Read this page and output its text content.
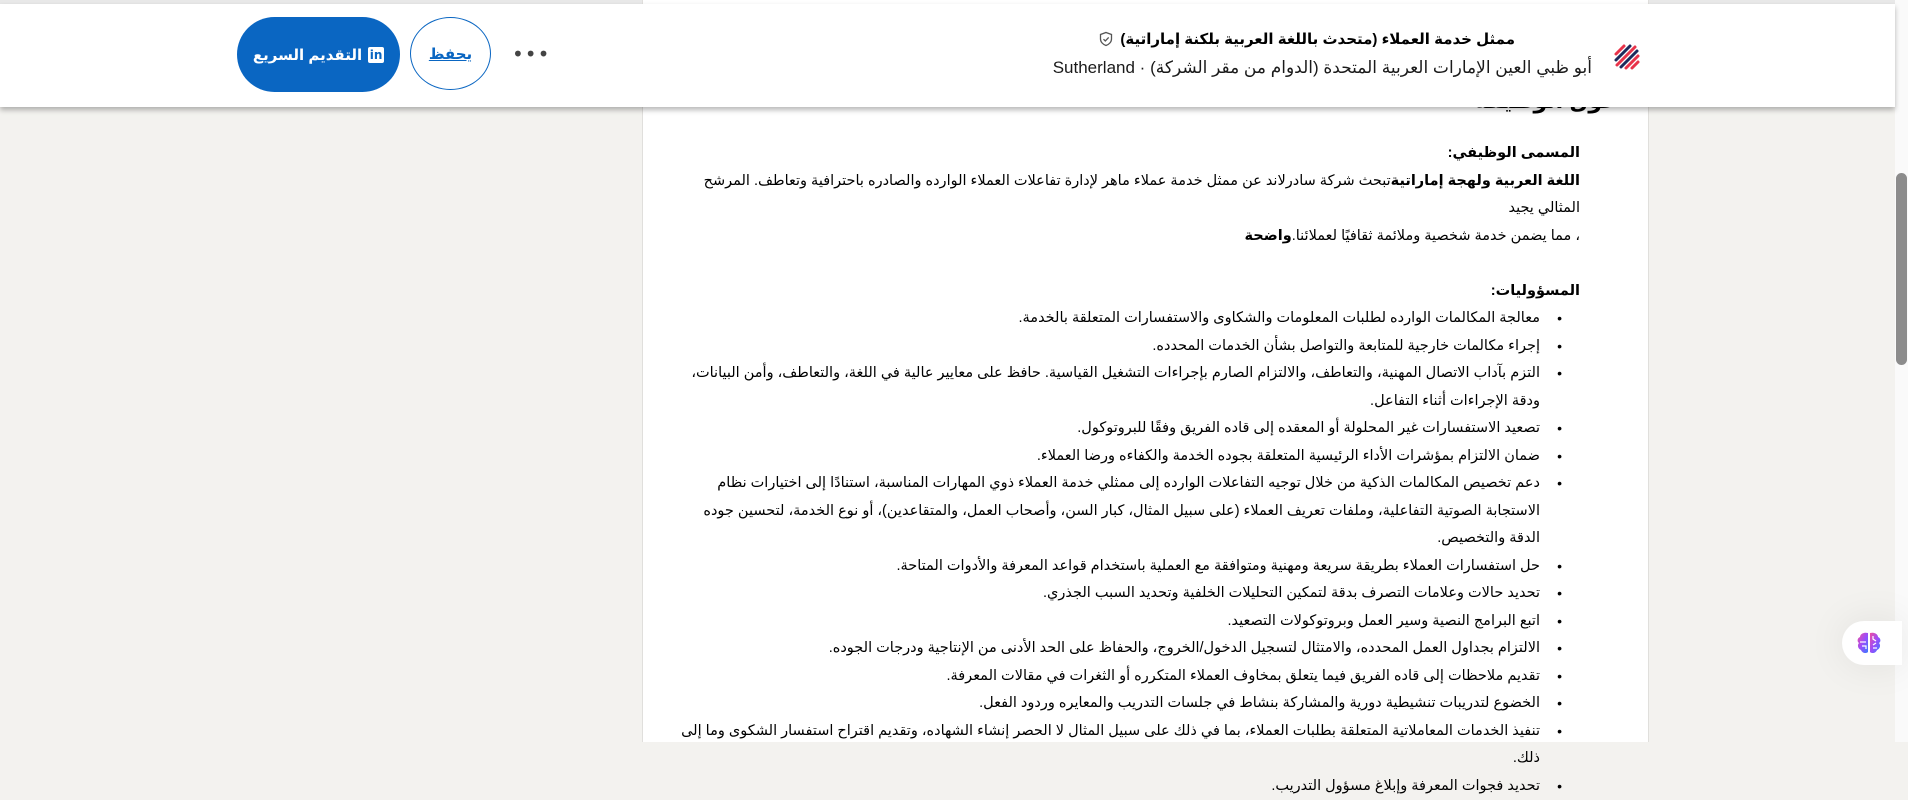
المسمى الوظيفي:

اللغة العربية ولهجة إماراتيةتبحث شركة سادرلاند عن ممثل خدمة عملاء ماهر لإدارة تفاعلات العملاء الوارده والصادره باحترافية وتعاطف. المرشح المثالي يجيد

، مما يضمن خدمة شخصية وملائمة ثقافيًا لعملائنا.واضحة

المسؤوليات:

•
معالجة المكالمات الوارده لطلبات المعلومات والشكاوى والاستفسارات المتعلقة بالخدمة.
•
إجراء مكالمات خارجية للمتابعة والتواصل بشأن الخدمات المحدده.
•
التزم بآداب الاتصال المهنية، والتعاطف، والالتزام الصارم بإجراءات التشغيل القياسية. حافظ على معايير عالية في اللغة، والتعاطف، وأمن البيانات، ودقة الإجراءات أثناء التفاعل.
•
تصعيد الاستفسارات غير المحلولة أو المعقده إلى قاده الفريق وفقًا للبروتوكول.
•
ضمان الالتزام بمؤشرات الأداء الرئيسية المتعلقة بجوده الخدمة والكفاءه ورضا العملاء.
•
دعم تخصيص المكالمات الذكية من خلال توجيه التفاعلات الوارده إلى ممثلي خدمة العملاء ذوي المهارات المناسبة، استنادًا إلى اختيارات نظام الاستجابة الصوتية التفاعلية، وملفات تعريف العملاء (على سبيل المثال، كبار السن، وأصحاب العمل، والمتقاعدين)، أو نوع الخدمة، لتحسين جوده الدقة والتخصيص.
•
حل استفسارات العملاء بطريقة سريعة ومهنية ومتوافقة مع العملية باستخدام قواعد المعرفة والأدوات المتاحة.
•
تحديد حالات وعلامات التصرف بدقة لتمكين التحليلات الخلفية وتحديد السبب الجذري.
•
اتبع البرامج النصية وسير العمل وبروتوكولات التصعيد.
•
الالتزام بجداول العمل المحدده، والامتثال لتسجيل الدخول/الخروج، والحفاظ على الحد الأدنى من الإنتاجية ودرجات الجوده.
•
تقديم ملاحظات إلى قاده الفريق فيما يتعلق بمخاوف العملاء المتكرره أو الثغرات في مقالات المعرفة.
•
الخضوع لتدريبات تنشيطية دورية والمشاركة بنشاط في جلسات التدريب والمعايره وردود الفعل.
•
تنفيذ الخدمات المعاملاتية المتعلقة بطلبات العملاء، بما في ذلك على سبيل المثال لا الحصر إنشاء الشهاده، وتقديم اقتراح استفسار الشكوى وما إلى ذلك.
•
تحديد فجوات المعرفة وإبلاغ مسؤول التدريب.
ممثل خدمة العملاء (متحدث باللغة العربية بلكنة إماراتية)
أبو ظبي العين الإمارات العربية المتحدة (الدوام من مقر الشركة) · Sutherland
in
التقديم السريع	يحفظ	•••
